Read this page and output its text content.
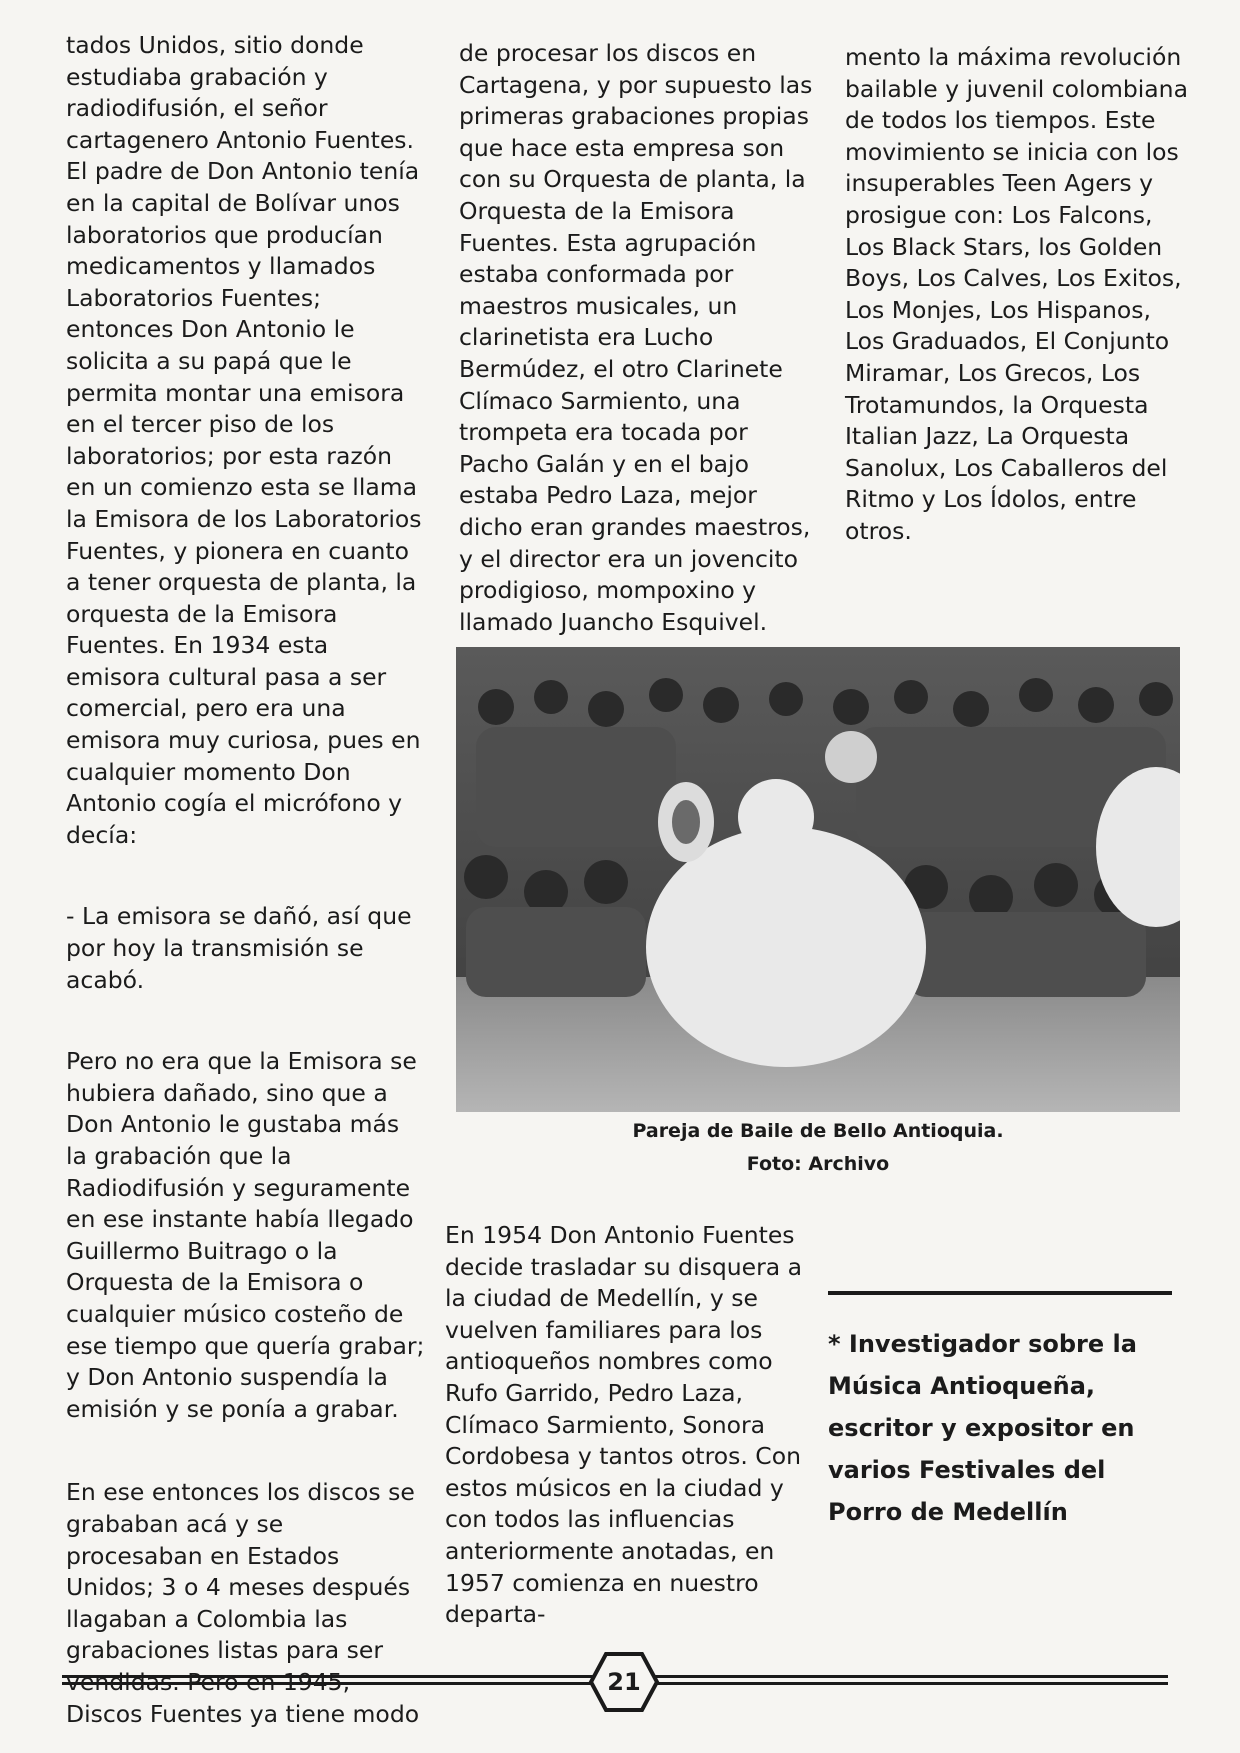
tados Unidos, sitio donde estudiaba grabación y radiodifusión, el señor cartagenero Antonio Fuentes. El padre de Don Antonio tenía en la capital de Bolívar unos laboratorios que producían medicamentos y llamados Laboratorios Fuentes; entonces Don Antonio le solicita a su papá que le permita montar una emisora en el tercer piso de los laboratorios; por esta razón en un comienzo esta se llama la Emisora de los Laboratorios Fuentes, y pionera en cuanto a tener orquesta de planta, la orquesta de la Emisora Fuentes. En 1934 esta emisora cultural pasa a ser comercial, pero era una emisora muy curiosa, pues en cualquier momento Don Antonio cogía el micrófono y decía:

- La emisora se dañó, así que por hoy la transmisión se acabó.

Pero no era que la Emisora se hubiera dañado, sino que a Don Antonio le gustaba más la grabación que la Radiodifusión y seguramente en ese instante había llegado Guillermo Buitrago o la Orquesta de la Emisora o cualquier músico costeño de ese tiempo que quería grabar; y Don Antonio suspendía la emisión y se ponía a grabar.

En ese entonces los discos se grababan acá y se procesaban en Estados Unidos; 3 o 4 meses después llagaban a Colombia las grabaciones listas para ser vendidas. Pero en 1945, Discos Fuentes ya tiene modo

de procesar los discos en Cartagena, y por supuesto las primeras grabaciones propias que hace esta empresa son con su Orquesta de planta, la Orquesta de la Emisora Fuentes. Esta agrupación estaba conformada por maestros musicales, un clarinetista era Lucho Bermúdez, el otro Clarinete Clímaco Sarmiento, una trompeta era tocada por Pacho Galán y en el bajo estaba Pedro Laza, mejor dicho eran grandes maestros, y el director era un jovencito prodigioso, mompoxino y llamado Juancho Esquivel.

mento la máxima revolución bailable y juvenil colombiana de todos los tiempos. Este movimiento se inicia con los insuperables Teen Agers y prosigue con: Los Falcons, Los Black Stars, los Golden Boys, Los Calves, Los Exitos, Los Monjes, Los Hispanos, Los Graduados, El Conjunto Miramar, Los Grecos, Los Trotamundos, la Orquesta Italian Jazz, La Orquesta Sanolux, Los Caballeros del Ritmo y Los Ídolos, entre otros.

Pareja de Baile de Bello Antioquia.
Foto: Archivo

En 1954 Don Antonio Fuentes decide trasladar su disquera a la ciudad de Medellín, y se vuelven familiares para los antioqueños nombres como Rufo Garrido, Pedro Laza, Clímaco Sarmiento, Sonora Cordobesa y tantos otros. Con estos músicos en la ciudad y con todos las influencias anteriormente anotadas, en 1957 comienza en nuestro departa-

* Investigador sobre la Música Antioqueña, escritor y expositor en varios Festivales del Porro de Medellín
21
